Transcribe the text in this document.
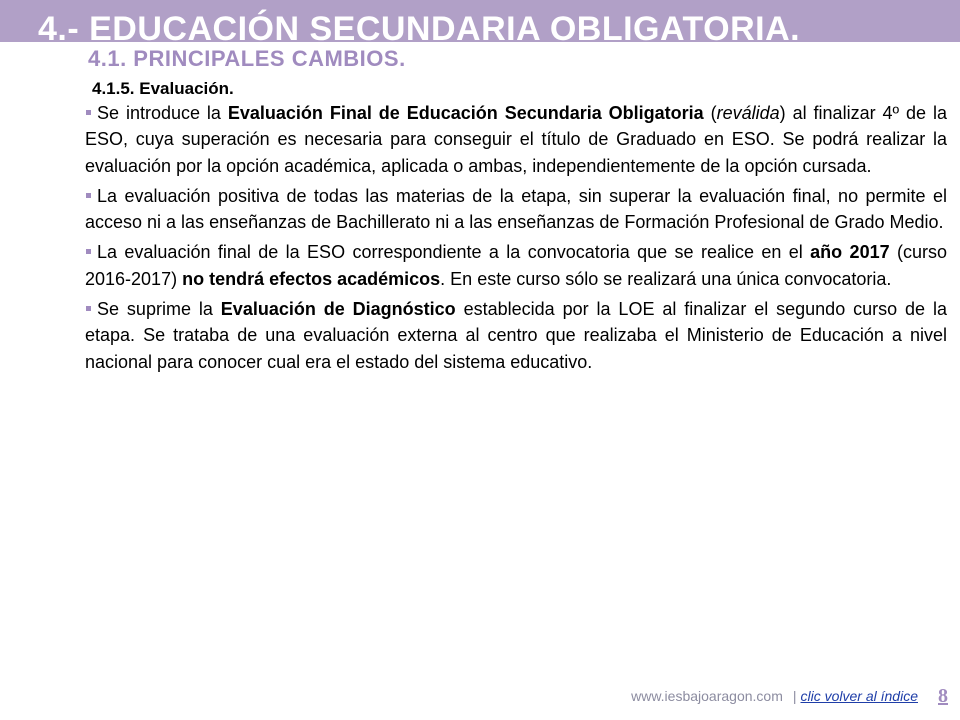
4.- EDUCACIÓN SECUNDARIA OBLIGATORIA.
4.1. PRINCIPALES CAMBIOS.
4.1.5. Evaluación.
Se introduce la Evaluación Final de Educación Secundaria Obligatoria (reválida) al finalizar 4º de la ESO, cuya superación es necesaria para conseguir el título de Graduado en ESO. Se podrá realizar la evaluación por la opción académica, aplicada o ambas, independientemente de la opción cursada.
La evaluación positiva de todas las materias de la etapa, sin superar la evaluación final, no permite el acceso ni a las enseñanzas de Bachillerato ni a las enseñanzas de Formación Profesional de Grado Medio.
La evaluación final de la ESO correspondiente a la convocatoria que se realice en el año 2017 (curso 2016-2017) no tendrá efectos académicos. En este curso sólo se realizará una única convocatoria.
Se suprime la Evaluación de Diagnóstico establecida por la LOE al finalizar el segundo curso de la etapa. Se trataba de una evaluación externa al centro que realizaba el Ministerio de Educación a nivel nacional para conocer cual era el estado del sistema educativo.
www.iesbajoaragon.com | clic volver al índice 8
